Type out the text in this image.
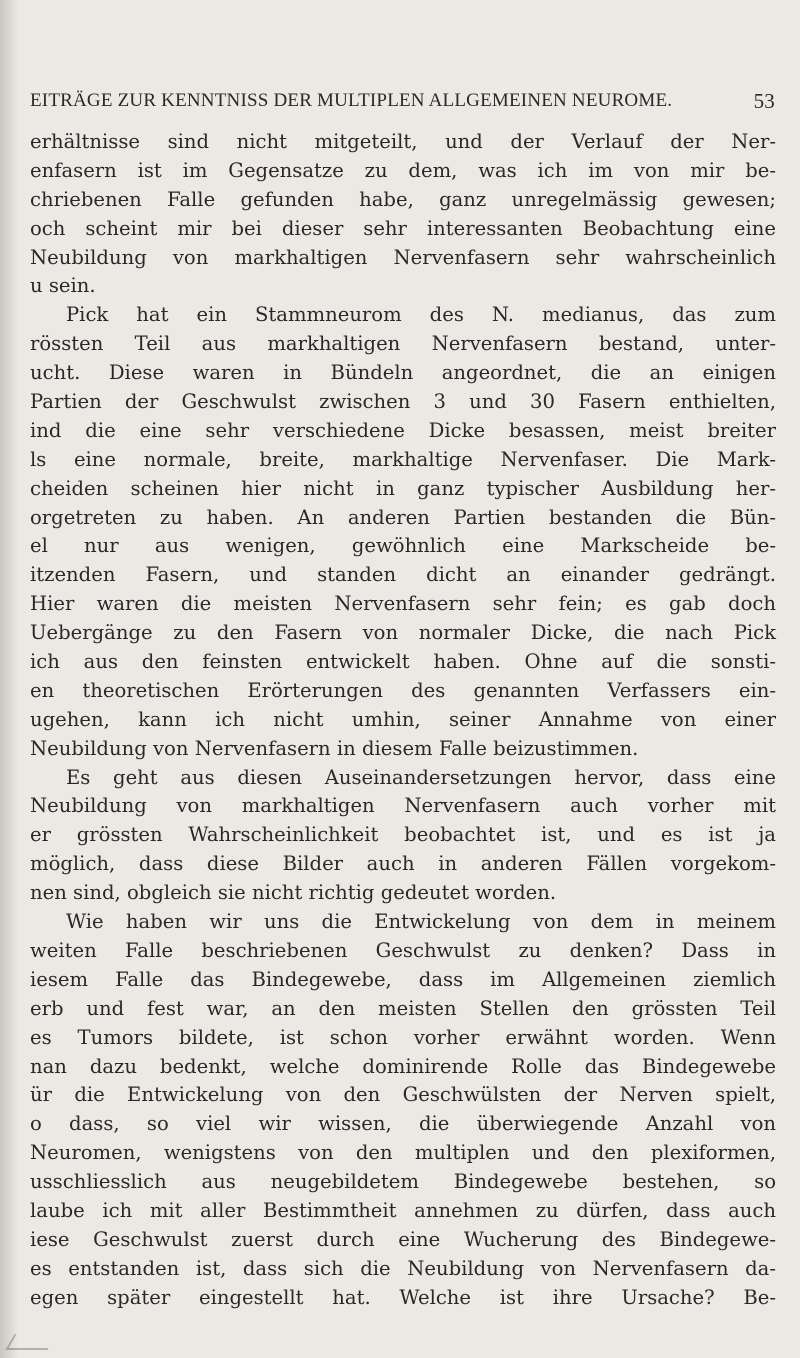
EITRÄGE ZUR KENNTNISS DER MULTIPLEN ALLGEMEINEN NEUROME.	53
erhältnisse sind nicht mitgeteilt, und der Verlauf der Ner-
enfasern ist im Gegensatze zu dem, was ich im von mir be-
chriebenen Falle gefunden habe, ganz unregelmässig gewesen;
och scheint mir bei dieser sehr interessanten Beobachtung eine
Neubildung von markhaltigen Nervenfasern sehr wahrscheinlich
u sein.
Pick hat ein Stammneurom des N. medianus, das zum
rössten Teil aus markhaltigen Nervenfasern bestand, unter-
ucht. Diese waren in Bündeln angeordnet, die an einigen
Partien der Geschwulst zwischen 3 und 30 Fasern enthielten,
ind die eine sehr verschiedene Dicke besassen, meist breiter
ls eine normale, breite, markhaltige Nervenfaser. Die Mark-
cheiden scheinen hier nicht in ganz typischer Ausbildung her-
orgetreten zu haben. An anderen Partien bestanden die Bün-
el nur aus wenigen, gewöhnlich eine Markscheide be-
itzenden Fasern, und standen dicht an einander gedrängt.
Hier waren die meisten Nervenfasern sehr fein; es gab doch
Uebergänge zu den Fasern von normaler Dicke, die nach Pick
ich aus den feinsten entwickelt haben. Ohne auf die sonsti-
en theoretischen Erörterungen des genannten Verfassers ein-
ugehen, kann ich nicht umhin, seiner Annahme von einer
Neubildung von Nervenfasern in diesem Falle beizustimmen.
Es geht aus diesen Auseinandersetzungen hervor, dass eine
Neubildung von markhaltigen Nervenfasern auch vorher mit
er grössten Wahrscheinlichkeit beobachtet ist, und es ist ja
möglich, dass diese Bilder auch in anderen Fällen vorgekom-
nen sind, obgleich sie nicht richtig gedeutet worden.
Wie haben wir uns die Entwickelung von dem in meinem
weiten Falle beschriebenen Geschwulst zu denken? Dass in
iesem Falle das Bindegewebe, dass im Allgemeinen ziemlich
erb und fest war, an den meisten Stellen den grössten Teil
es Tumors bildete, ist schon vorher erwähnt worden. Wenn
nan dazu bedenkt, welche dominirende Rolle das Bindegewebe
ür die Entwickelung von den Geschwülsten der Nerven spielt,
o dass, so viel wir wissen, die überwiegende Anzahl von
Neuromen, wenigstens von den multiplen und den plexiformen,
usschliesslich aus neugebildetem Bindegewebe bestehen, so
laube ich mit aller Bestimmtheit annehmen zu dürfen, dass auch
iese Geschwulst zuerst durch eine Wucherung des Bindegewe-
es entstanden ist, dass sich die Neubildung von Nervenfasern da-
egen später eingestellt hat. Welche ist ihre Ursache? Be-
